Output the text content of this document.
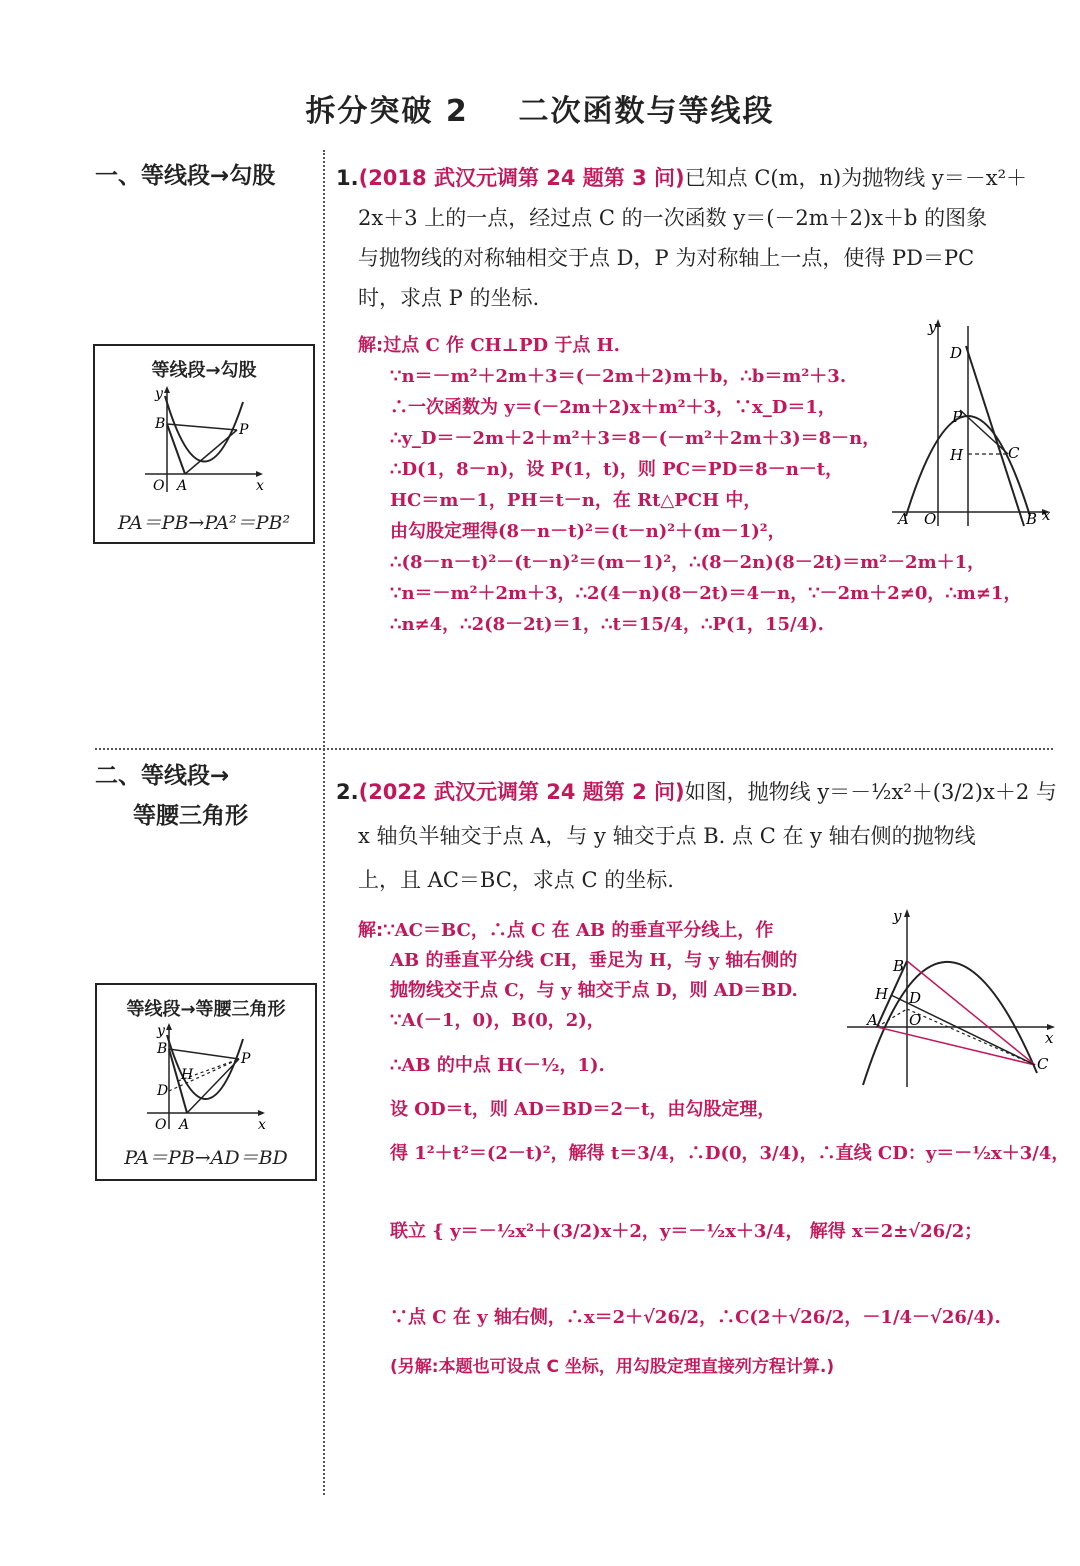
拆分突破 2 二次函数与等线段
一、等线段→勾股
等线段→勾股
y
x
B	P
O A
PA＝PB→PA²＝PB²
1.(2018 武汉元调第 24 题第 3 问)已知点 C(m，n)为抛物线 y＝－x²＋
2x＋3 上的一点，经过点 C 的一次函数 y＝(－2m＋2)x＋b 的图象
与抛物线的对称轴相交于点 D，P 为对称轴上一点，使得 PD＝PC
时，求点 P 的坐标.
解:过点 C 作 CH⊥PD 于点 H.
∵n＝－m²＋2m＋3＝(－2m＋2)m＋b，∴b＝m²＋3.
∴一次函数为 y＝(－2m＋2)x＋m²＋3，∵x_D＝1，
∴y_D＝－2m＋2＋m²＋3＝8－(－m²＋2m＋3)＝8－n，
∴D(1，8－n)，设 P(1，t)，则 PC＝PD＝8－n－t，
HC＝m－1，PH＝t－n，在 Rt△PCH 中，
由勾股定理得(8－n－t)²＝(t－n)²＋(m－1)²，
∴(8－n－t)²－(t－n)²＝(m－1)²，∴(8－2n)(8－2t)＝m²－2m＋1，
∵n＝－m²＋2m＋3，∴2(4－n)(8－2t)＝4－n，∵－2m＋2≠0，∴m≠1，
∴n≠4，∴2(8－2t)＝1，∴t＝15/4，∴P(1，15/4).
y
x
D
P
H	C
A O	B
二、等线段→
等腰三角形
等线段→等腰三角形
y
x
B
P
D
H
O A
PA＝PB→AD＝BD
2.(2022 武汉元调第 24 题第 2 问)如图，抛物线 y＝－½x²＋(3/2)x＋2 与
x 轴负半轴交于点 A，与 y 轴交于点 B. 点 C 在 y 轴右侧的抛物线
上，且 AC＝BC，求点 C 的坐标.
解:∵AC＝BC，∴点 C 在 AB 的垂直平分线上，作
AB 的垂直平分线 CH，垂足为 H，与 y 轴右侧的
抛物线交于点 C，与 y 轴交于点 D，则 AD＝BD.
∵A(－1，0)，B(0，2)，
∴AB 的中点 H(－½，1).
设 OD＝t，则 AD＝BD＝2－t，由勾股定理，
得 1²＋t²＝(2－t)²，解得 t＝3/4，∴D(0，3/4)，∴直线 CD：y＝－½x＋3/4，
联立 { y＝－½x²＋(3/2)x＋2，y＝－½x＋3/4， 解得 x＝2±√26/2；
∵点 C 在 y 轴右侧，∴x＝2＋√26/2，∴C(2＋√26/2，－1/4－√26/4).
(另解:本题也可设点 C 坐标，用勾股定理直接列方程计算.)
y
x
B
H D
A O
C
